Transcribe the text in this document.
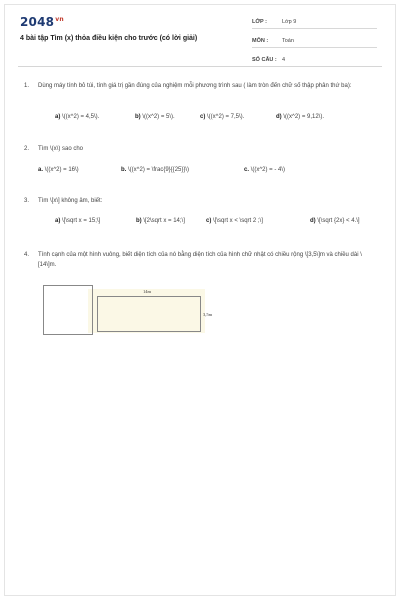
$2048^{vn}$
4 bài tập Tìm (x) thỏa điều kiện cho trước (có lời giải)
LỚP :	Lớp 9
MÔN :	Toán
SỐ CÂU : 4
1. Dùng máy tính bỏ túi, tính giá trị gần đúng của nghiệm mỗi phương trình sau ( làm tròn đến chữ số thập phân thứ ba):
a) \((x^2) = 4,5\).	b) \((x^2) = 5\).	c) \((x^2) = 7,5\).	d) \((x^2) = 9,12\).
2. Tìm \(x\) sao cho
a. \((x^2) = 16\)	b. \((x^2) = \frac{9}{{25}}\)	c. \((x^2) = - 4\)
3. Tìm \[x\] không âm, biết:
a) \[\sqrt x = 15;\]	b) \[2\sqrt x = 14;\]	c) \[\sqrt x < \sqrt 2 ;\]	d) \[\sqrt {2x} < 4.\]
4. Tính cạnh của một hình vuông, biết diện tích của nó bằng diện tích của hình chữ nhật có chiều rộng \[3,5\]m và chiều dài \[14\]m.
14m
3,5m
